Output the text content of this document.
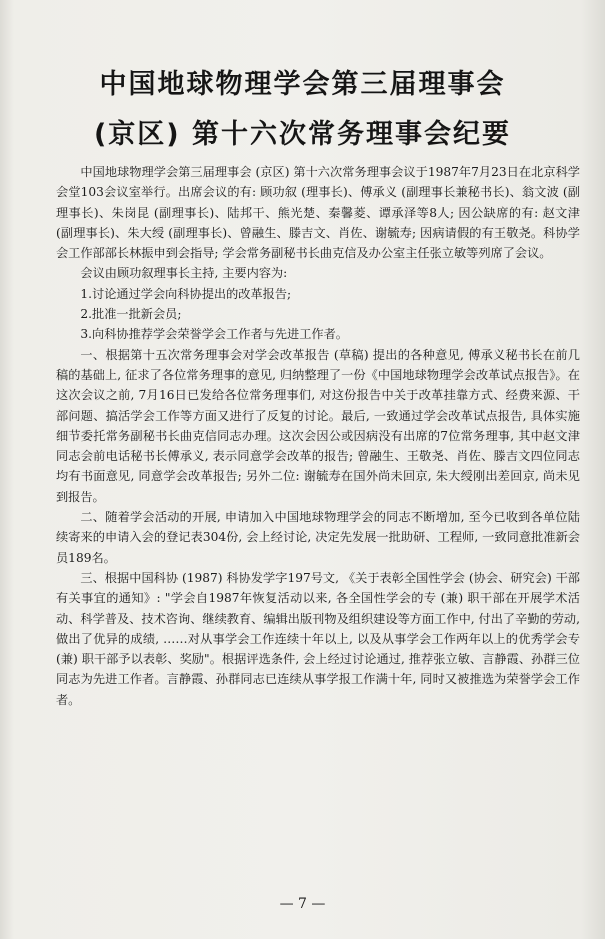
中国地球物理学会第三届理事会
(京区) 第十六次常务理事会纪要

中国地球物理学会第三届理事会 (京区) 第十六次常务理事会议于1987年7月23日在北京科学会堂103会议室举行。出席会议的有: 顾功叙 (理事长)、傅承义 (副理事长兼秘书长)、翁文波 (副理事长)、朱岗昆 (副理事长)、陆邦干、熊光楚、秦馨菱、谭承泽等8人; 因公缺席的有: 赵文津 (副理事长)、朱大绶 (副理事长)、曾融生、滕吉文、肖佐、谢毓寿; 因病请假的有王敬尧。科协学会工作部部长林振申到会指导; 学会常务副秘书长曲克信及办公室主任张立敏等列席了会议。

会议由顾功叙理事长主持, 主要内容为:

1.讨论通过学会向科协提出的改革报告;

2.批准一批新会员;

3.向科协推荐学会荣誉学会工作者与先进工作者。

一、根据第十五次常务理事会对学会改革报告 (草稿) 提出的各种意见, 傅承义秘书长在前几稿的基础上, 征求了各位常务理事的意见, 归纳整理了一份《中国地球物理学会改革试点报告》。在这次会议之前, 7月16日已发给各位常务理事们, 对这份报告中关于改革挂靠方式、经费来源、干部问题、搞活学会工作等方面又进行了反复的讨论。最后, 一致通过学会改革试点报告, 具体实施细节委托常务副秘书长曲克信同志办理。这次会因公或因病没有出席的7位常务理事, 其中赵文津同志会前电话秘书长傅承义, 表示同意学会改革的报告; 曾融生、王敬尧、肖佐、滕吉文四位同志均有书面意见, 同意学会改革报告; 另外二位: 谢毓寿在国外尚未回京, 朱大绶刚出差回京, 尚未见到报告。

二、随着学会活动的开展, 申请加入中国地球物理学会的同志不断增加, 至今已收到各单位陆续寄来的申请入会的登记表304份, 会上经讨论, 决定先发展一批助研、工程师, 一致同意批准新会员189名。

三、根据中国科协 (1987) 科协发学字197号文, 《关于表彰全国性学会 (协会、研究会) 干部有关事宜的通知》: "学会自1987年恢复活动以来, 各全国性学会的专 (兼) 职干部在开展学术活动、科学普及、技术咨询、继续教育、编辑出版刊物及组织建设等方面工作中, 付出了辛勤的劳动, 做出了优异的成绩, ……对从事学会工作连续十年以上, 以及从事学会工作两年以上的优秀学会专 (兼) 职干部予以表彰、奖励"。根据评选条件, 会上经过讨论通过, 推荐张立敏、言静霞、孙群三位同志为先进工作者。言静霞、孙群同志已连续从事学报工作满十年, 同时又被推选为荣誉学会工作者。

— 7 —
